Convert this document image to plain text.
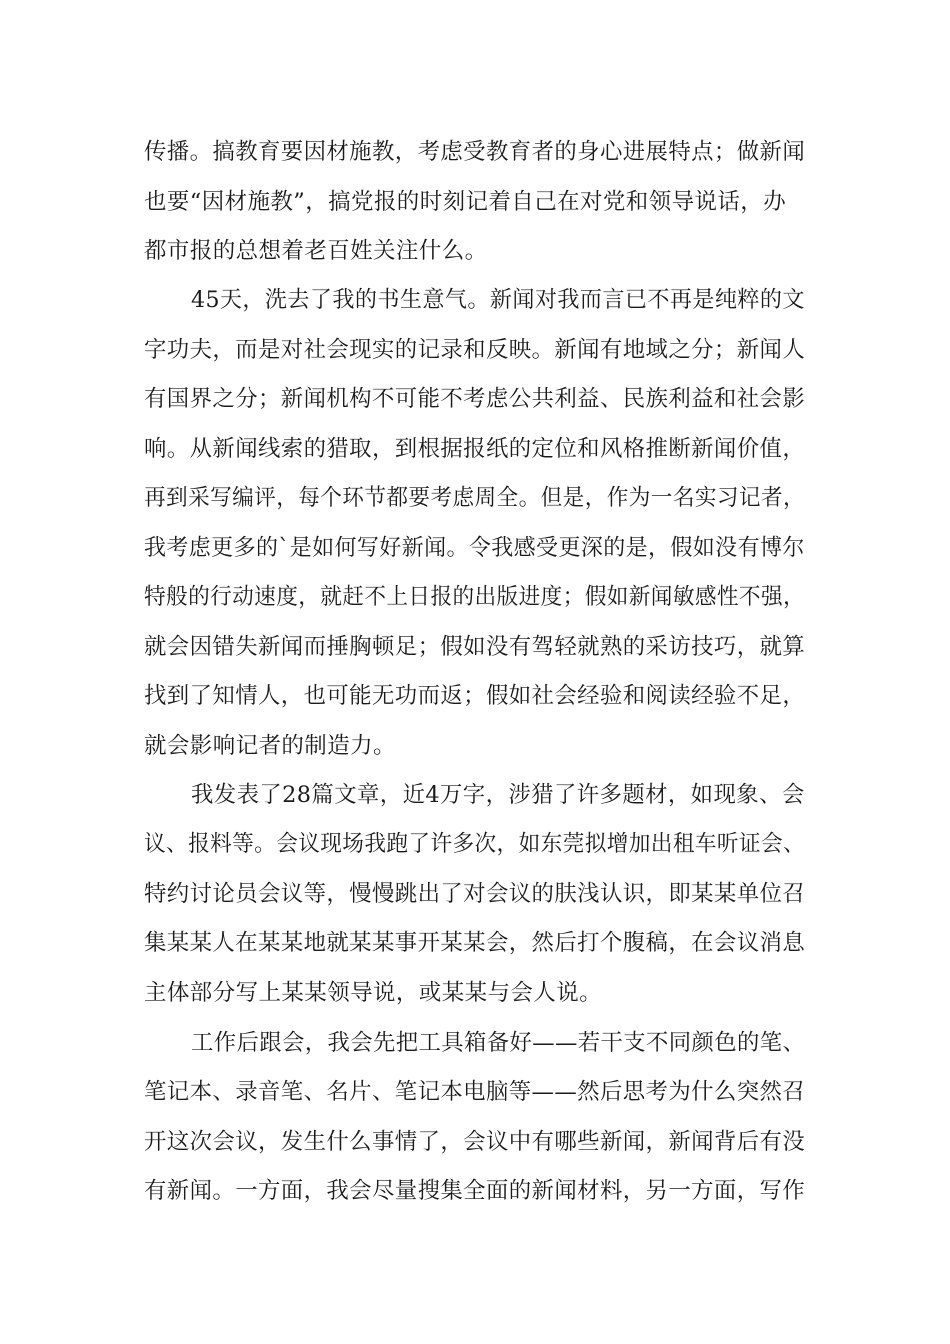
传播。搞教育要因材施教，考虑受教育者的身心进展特点；做新闻
也要“因材施教”，搞党报的时刻记着自己在对党和领导说话，办
都市报的总想着老百姓关注什么。
45天，洗去了我的书生意气。新闻对我而言已不再是纯粹的文
字功夫，而是对社会现实的记录和反映。新闻有地域之分；新闻人
有国界之分；新闻机构不可能不考虑公共利益、民族利益和社会影
响。从新闻线索的猎取，到根据报纸的定位和风格推断新闻价值，
再到采写编评，每个环节都要考虑周全。但是，作为一名实习记者，
我考虑更多的`是如何写好新闻。令我感受更深的是，假如没有博尔
特般的行动速度，就赶不上日报的出版进度；假如新闻敏感性不强，
就会因错失新闻而捶胸顿足；假如没有驾轻就熟的采访技巧，就算
找到了知情人，也可能无功而返；假如社会经验和阅读经验不足，
就会影响记者的制造力。
我发表了28篇文章，近4万字，涉猎了许多题材，如现象、会
议、报料等。会议现场我跑了许多次，如东莞拟增加出租车听证会、
特约讨论员会议等，慢慢跳出了对会议的肤浅认识，即某某单位召
集某某人在某某地就某某事开某某会，然后打个腹稿，在会议消息
主体部分写上某某领导说，或某某与会人说。
工作后跟会，我会先把工具箱备好——若干支不同颜色的笔、
笔记本、录音笔、名片、笔记本电脑等——然后思考为什么突然召
开这次会议，发生什么事情了，会议中有哪些新闻，新闻背后有没
有新闻。一方面，我会尽量搜集全面的新闻材料，另一方面，写作
